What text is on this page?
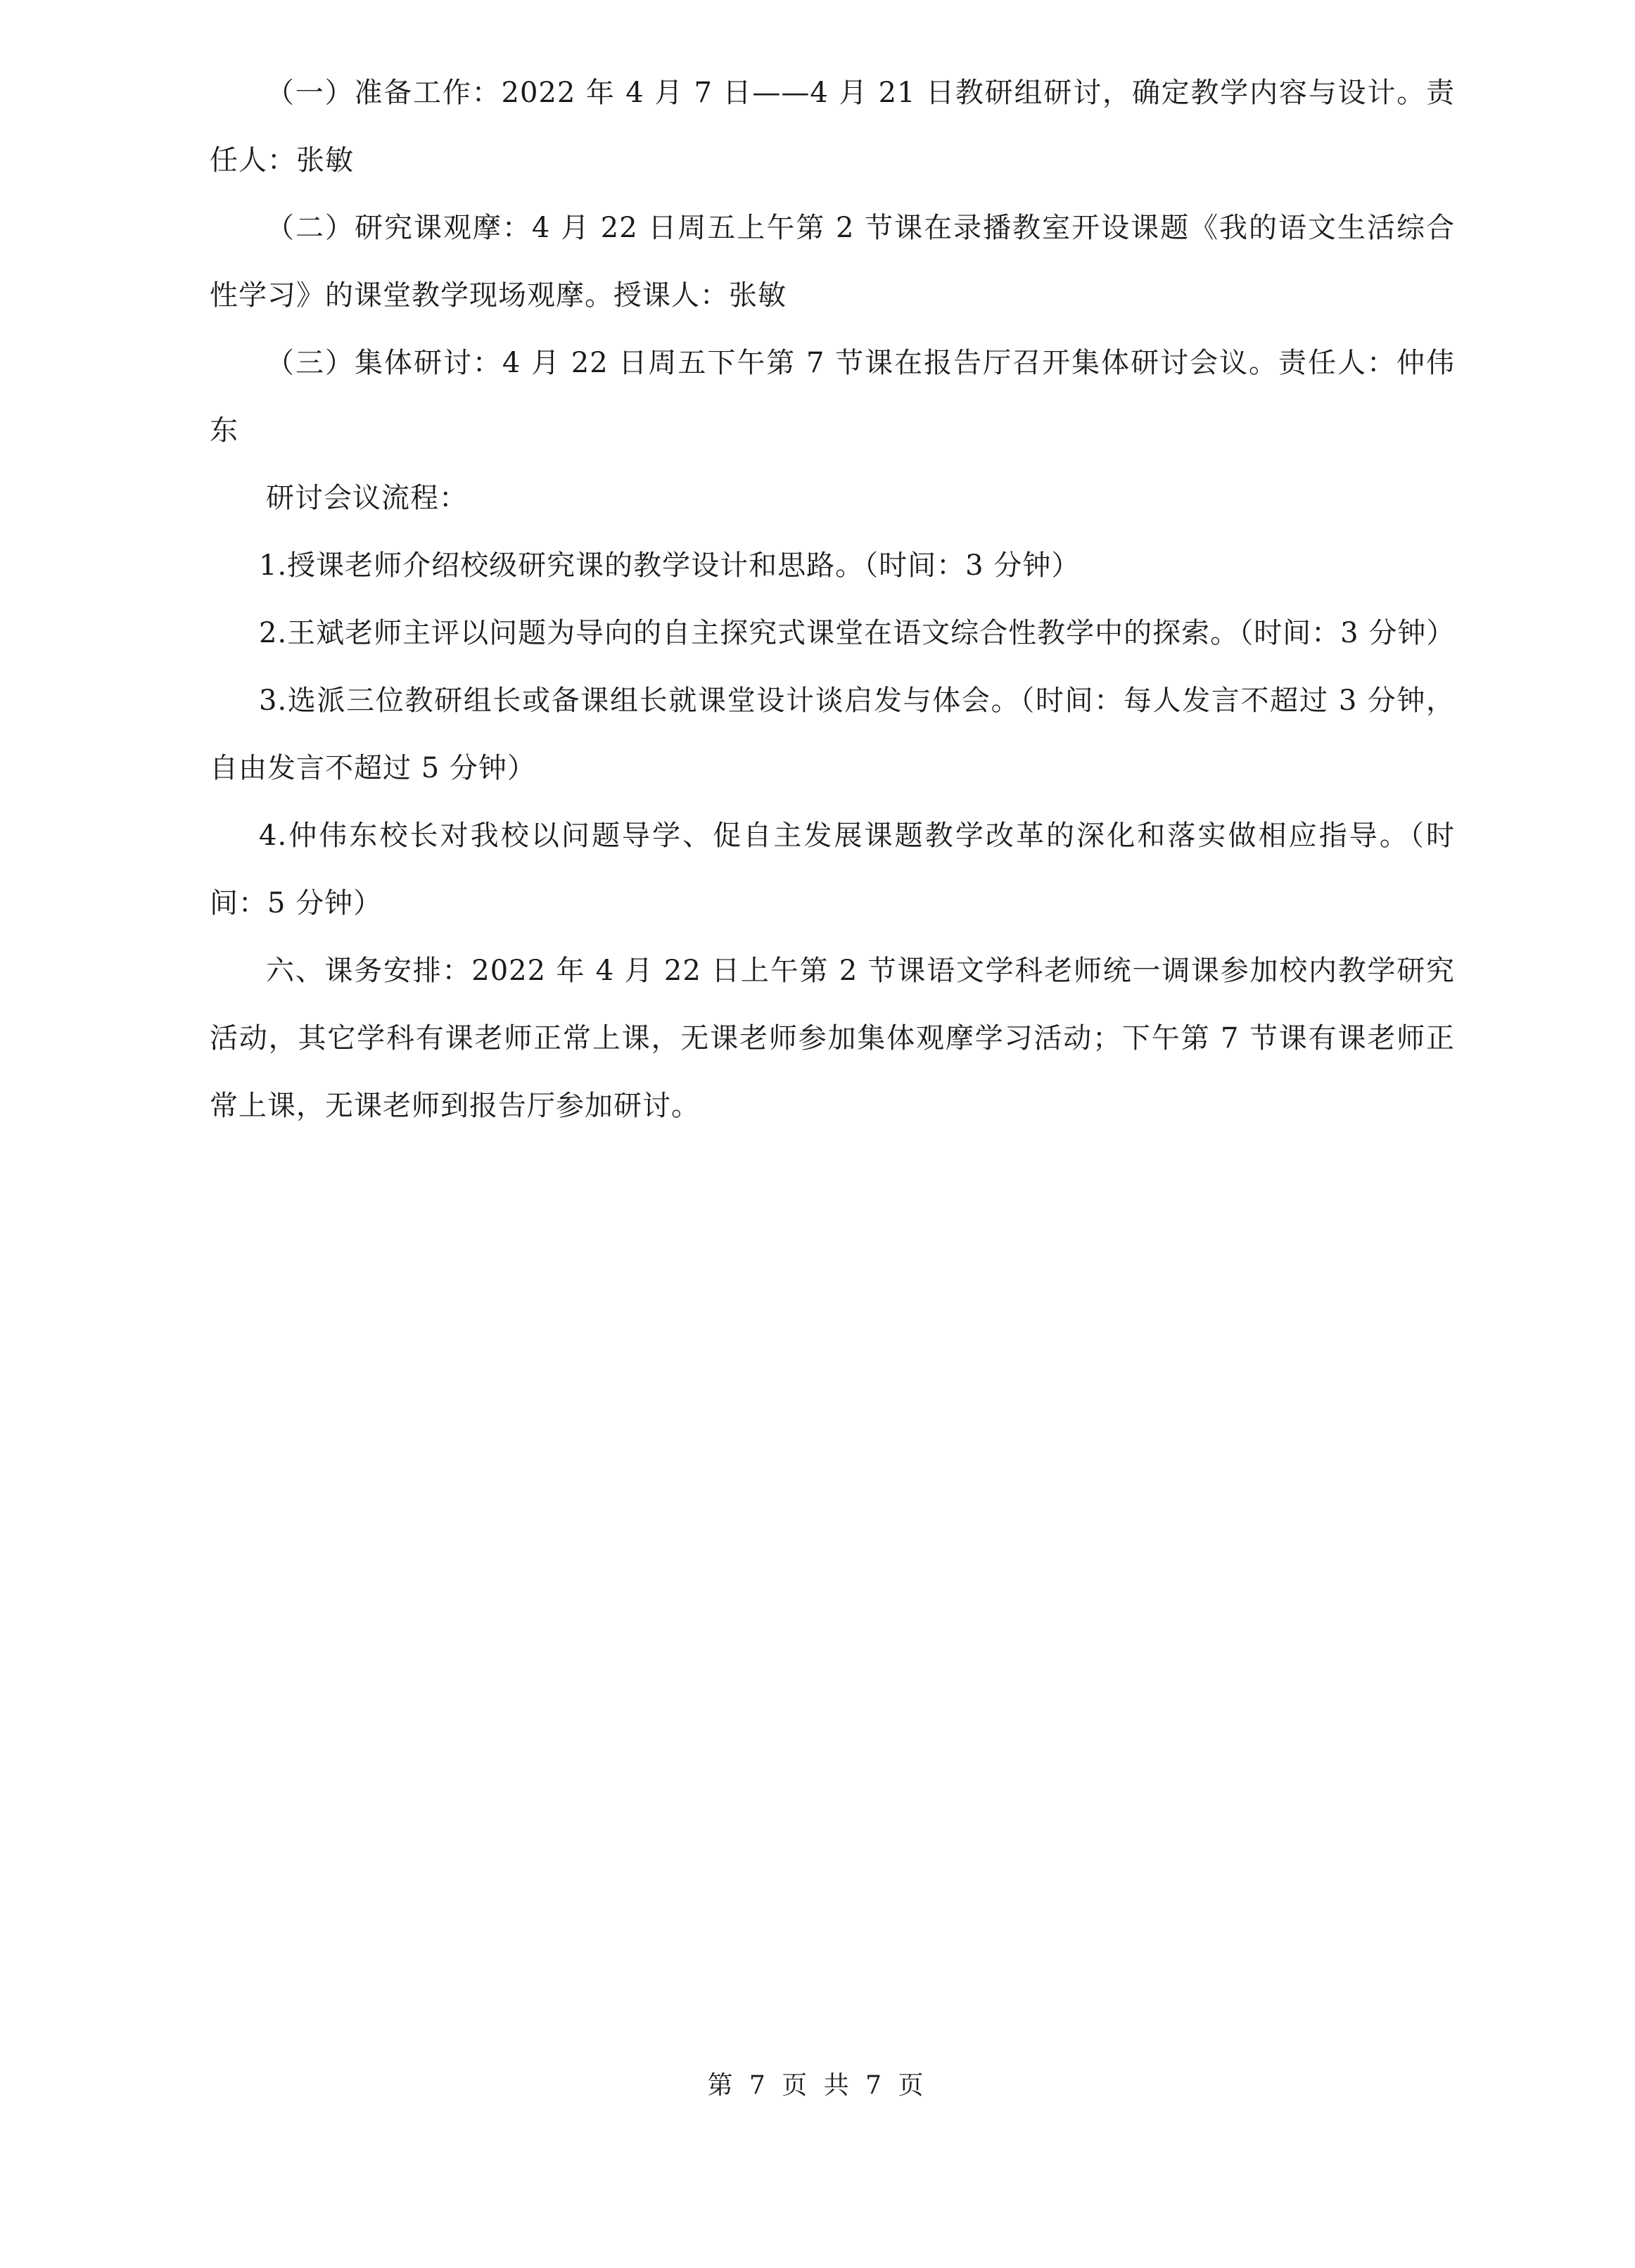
（一）准备工作：2022 年 4 月 7 日——4 月 21 日教研组研讨，确定教学内容与设计。责任人：张敏

（二）研究课观摩：4 月 22 日周五上午第 2 节课在录播教室开设课题《我的语文生活综合性学习》的课堂教学现场观摩。授课人：张敏

（三）集体研讨：4 月 22 日周五下午第 7 节课在报告厅召开集体研讨会议。责任人：仲伟东

研讨会议流程：

1.授课老师介绍校级研究课的教学设计和思路。（时间：3 分钟）

2.王斌老师主评以问题为导向的自主探究式课堂在语文综合性教学中的探索。（时间：3 分钟）

3.选派三位教研组长或备课组长就课堂设计谈启发与体会。（时间：每人发言不超过 3 分钟，自由发言不超过 5 分钟）

4.仲伟东校长对我校以问题导学、促自主发展课题教学改革的深化和落实做相应指导。（时间：5 分钟）

六、课务安排：2022 年 4 月 22 日上午第 2 节课语文学科老师统一调课参加校内教学研究活动，其它学科有课老师正常上课，无课老师参加集体观摩学习活动；下午第 7 节课有课老师正常上课，无课老师到报告厅参加研讨。

第 7 页 共 7 页
